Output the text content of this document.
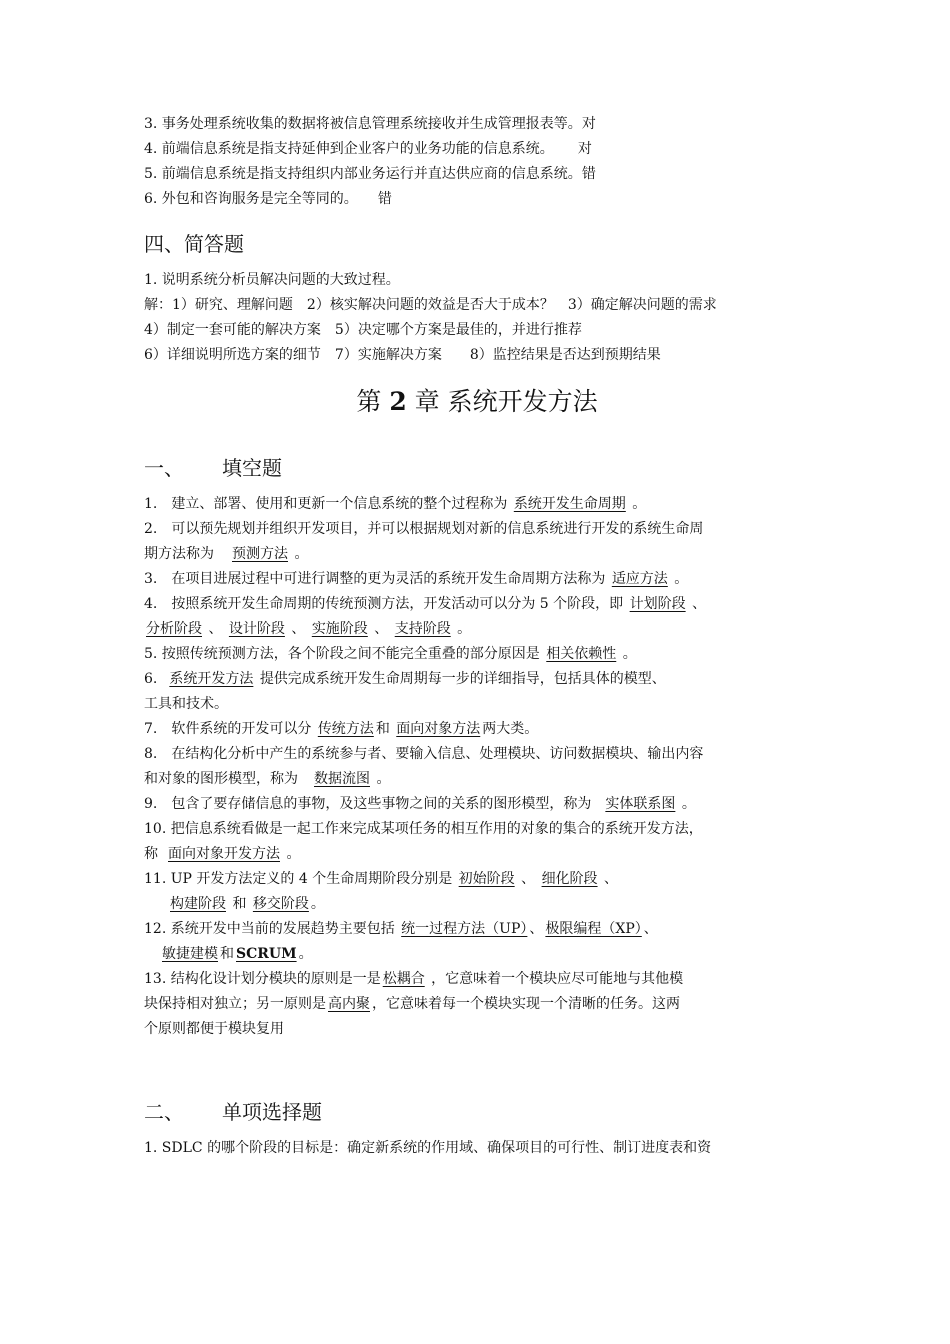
3. 事务处理系统收集的数据将被信息管理系统接收并生成管理报表等。对
4. 前端信息系统是指支持延伸到企业客户的业务功能的信息系统。 对
5. 前端信息系统是指支持组织内部业务运行并直达供应商的信息系统。错
6. 外包和咨询服务是完全等同的。 错
四、简答题
1. 说明系统分析员解决问题的大致过程。
解：1）研究、理解问题　2）核实解决问题的效益是否大于成本？　3）确定解决问题的需求
4）制定一套可能的解决方案　5）决定哪个方案是最佳的，并进行推荐
6）详细说明所选方案的细节　7）实施解决方案　　8）监控结果是否达到预期结果
第 2 章 系统开发方法
一、 填空题
1.　建立、部署、使用和更新一个信息系统的整个过程称为 系统开发生命周期 。
2.　可以预先规划并组织开发项目，并可以根据规划对新的信息系统进行开发的系统生命周
期方法称为 预测方法 。
3.　在项目进展过程中可进行调整的更为灵活的系统开发生命周期方法称为 适应方法 。
4.　按照系统开发生命周期的传统预测方法，开发活动可以分为 5 个阶段，即 计划阶段 、
分析阶段 、 设计阶段 、 实施阶段 、 支持阶段 。
5. 按照传统预测方法，各个阶段之间不能完全重叠的部分原因是 相关依赖性 。
6. 系统开发方法 提供完成系统开发生命周期每一步的详细指导，包括具体的模型、
工具和技术。
7.　软件系统的开发可以分 传统方法 和 面向对象方法 两大类。
8.　在结构化分析中产生的系统参与者、要输入信息、处理模块、访问数据模块、输出内容
和对象的图形模型，称为 数据流图 。
9.　包含了要存储信息的事物，及这些事物之间的关系的图形模型，称为 实体联系图 。
10. 把信息系统看做是一起工作来完成某项任务的相互作用的对象的集合的系统开发方法，
称 面向对象开发方法 。
11. UP 开发方法定义的 4 个生命周期阶段分别是 初始阶段 、 细化阶段 、
构建阶段 和 移交阶段 。
12. 系统开发中当前的发展趋势主要包括 统一过程方法（UP） 、 极限编程（XP） 、
敏捷建模 和 SCRUM 。
13. 结构化设计划分模块的原则是一是 松耦合 ，它意味着一个模块应尽可能地与其他模
块保持相对独立；另一原则是 高内聚 ，它意味着每一个模块实现一个清晰的任务。这两
个原则都便于模块复用
二、 单项选择题
1. SDLC 的哪个阶段的目标是：确定新系统的作用域、确保项目的可行性、制订进度表和资
